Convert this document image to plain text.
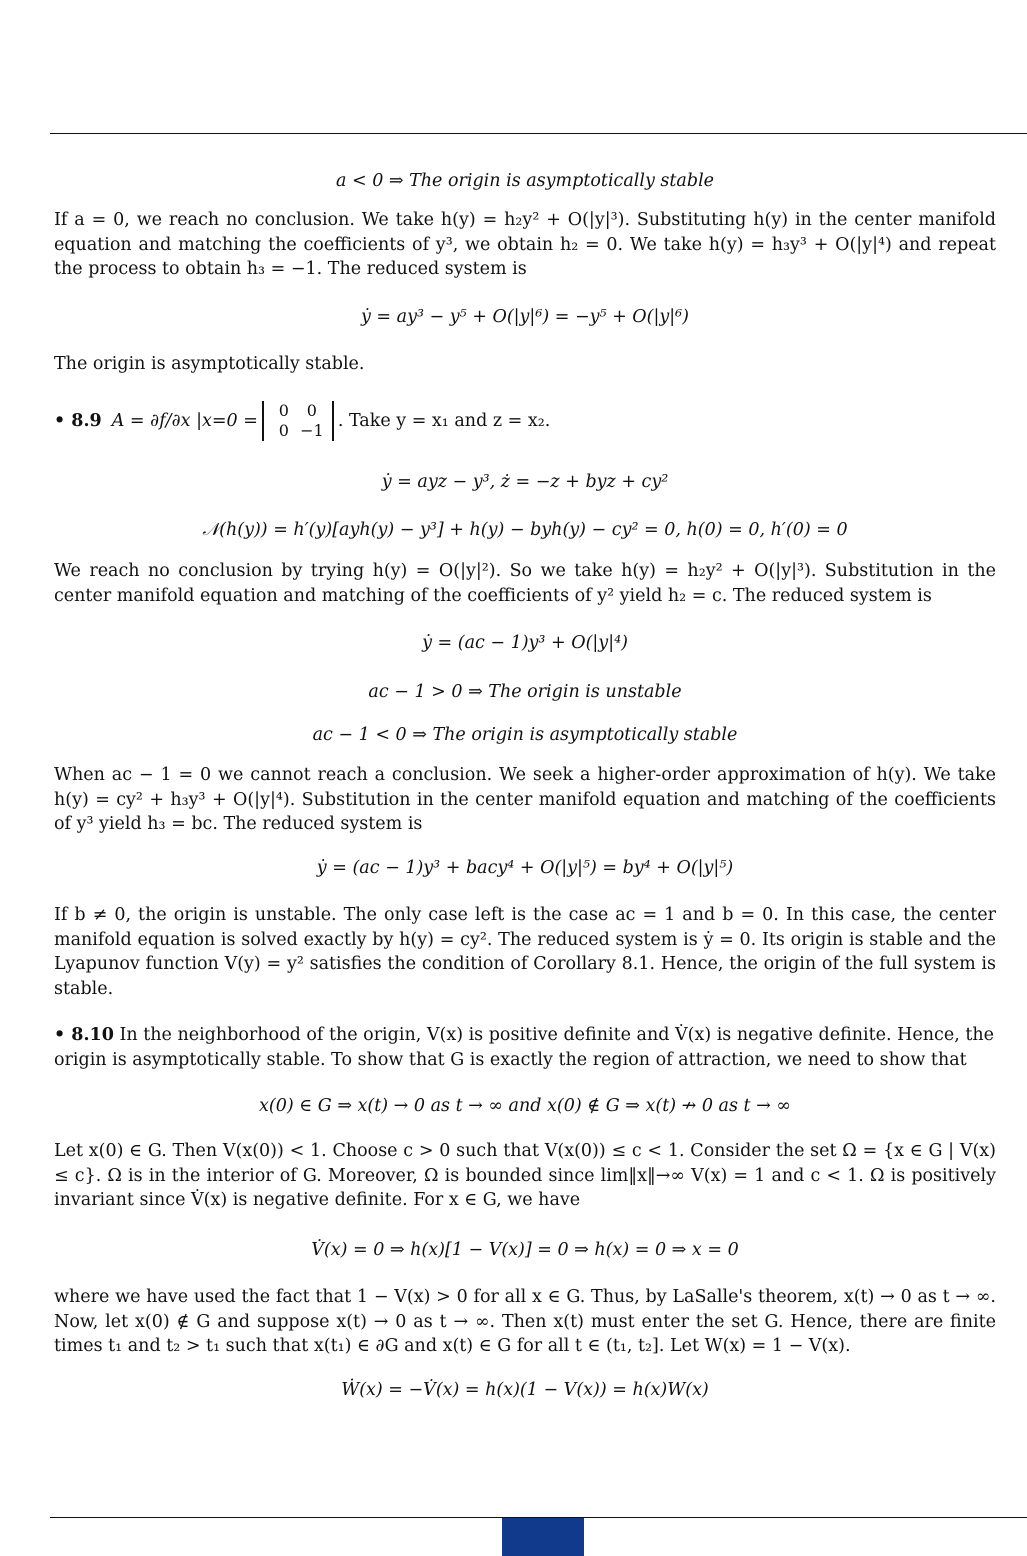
a < 0 ⇒ The origin is asymptotically stable

If a = 0, we reach no conclusion. We take h(y) = h₂y² + O(|y|³). Substituting h(y) in the center manifold equation and matching the coefficients of y³, we obtain h₂ = 0. We take h(y) = h₃y³ + O(|y|⁴) and repeat the process to obtain h₃ = −1. The reduced system is

ẏ = ay³ − y⁵ + O(|y|⁶) = −y⁵ + O(|y|⁶)

The origin is asymptotically stable.

• 8.9 A = ∂f/∂x |x=0 =
0 0
0 −1 . Take y = x₁ and z = x₂.
ẏ = ayz − y³, ż = −z + byz + cy²
𝒩(h(y)) = h′(y)[ayh(y) − y³] + h(y) − byh(y) − cy² = 0, h(0) = 0, h′(0) = 0

We reach no conclusion by trying h(y) = O(|y|²). So we take h(y) = h₂y² + O(|y|³). Substitution in the center manifold equation and matching of the coefficients of y² yield h₂ = c. The reduced system is

ẏ = (ac − 1)y³ + O(|y|⁴)
ac − 1 > 0 ⇒ The origin is unstable
ac − 1 < 0 ⇒ The origin is asymptotically stable

When ac − 1 = 0 we cannot reach a conclusion. We seek a higher-order approximation of h(y). We take h(y) = cy² + h₃y³ + O(|y|⁴). Substitution in the center manifold equation and matching of the coefficients of y³ yield h₃ = bc. The reduced system is

ẏ = (ac − 1)y³ + bacy⁴ + O(|y|⁵) = by⁴ + O(|y|⁵)

If b ≠ 0, the origin is unstable. The only case left is the case ac = 1 and b = 0. In this case, the center manifold equation is solved exactly by h(y) = cy². The reduced system is ẏ = 0. Its origin is stable and the Lyapunov function V(y) = y² satisfies the condition of Corollary 8.1. Hence, the origin of the full system is stable.

• 8.10 In the neighborhood of the origin, V(x) is positive definite and V̇(x) is negative definite. Hence, the origin is asymptotically stable. To show that G is exactly the region of attraction, we need to show that
x(0) ∈ G ⇒ x(t) → 0 as t → ∞ and x(0) ∉ G ⇒ x(t) ↛ 0 as t → ∞

Let x(0) ∈ G. Then V(x(0)) < 1. Choose c > 0 such that V(x(0)) ≤ c < 1. Consider the set Ω = {x ∈ G | V(x) ≤ c}. Ω is in the interior of G. Moreover, Ω is bounded since lim‖x‖→∞ V(x) = 1 and c < 1. Ω is positively invariant since V̇(x) is negative definite. For x ∈ G, we have

V̇(x) = 0 ⇒ h(x)[1 − V(x)] = 0 ⇒ h(x) = 0 ⇒ x = 0

where we have used the fact that 1 − V(x) > 0 for all x ∈ G. Thus, by LaSalle's theorem, x(t) → 0 as t → ∞. Now, let x(0) ∉ G and suppose x(t) → 0 as t → ∞. Then x(t) must enter the set G. Hence, there are finite times t₁ and t₂ > t₁ such that x(t₁) ∈ ∂G and x(t) ∈ G for all t ∈ (t₁, t₂]. Let W(x) = 1 − V(x).

Ẇ(x) = −V̇(x) = h(x)(1 − V(x)) = h(x)W(x)
